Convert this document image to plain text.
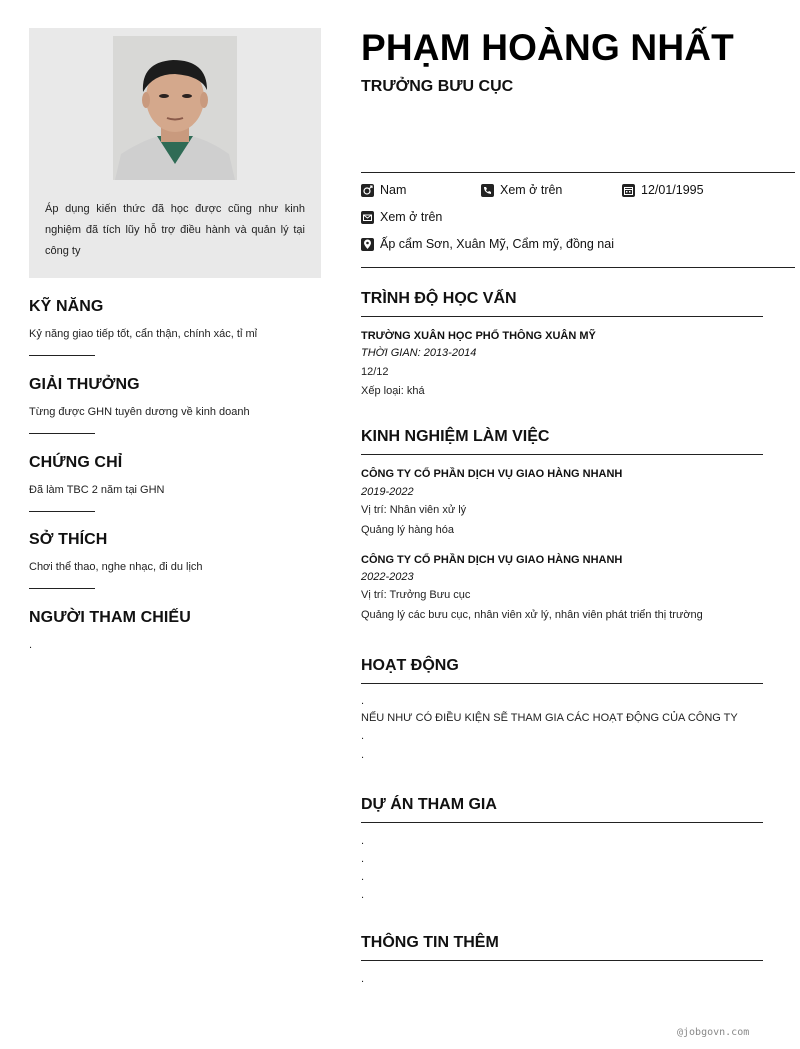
Áp dụng kiến thức đã học được cũng như kinh nghiệm đã tích lũy hỗ trợ điều hành và quản lý tại công ty
KỸ NĂNG
Kỷ năng giao tiếp tốt, cẩn thận, chính xác, tỉ mỉ
GIẢI THƯỞNG
Từng được GHN tuyên dương về kinh doanh
CHỨNG CHỈ
Đã làm TBC 2 năm tại GHN
SỞ THÍCH
Chơi thể thao, nghe nhạc, đi du lịch
NGƯỜI THAM CHIẾU
.
PHẠM HOÀNG NHẤT
TRƯỞNG BƯU CỤC
Nam	Xem ở trên	12/01/1995
Xem ở trên
Ấp cẩm Sơn, Xuân Mỹ, Cẩm mỹ, đồng nai
TRÌNH ĐỘ HỌC VẤN
TRƯỜNG XUÂN HỌC PHỔ THÔNG XUÂN MỸ
THỜI GIAN: 2013-2014
12/12
Xếp loại: khá
KINH NGHIỆM LÀM VIỆC
CÔNG TY CỔ PHẦN DỊCH VỤ GIAO HÀNG NHANH
2019-2022
Vị trí: Nhân viên xử lý
Quảng lý hàng hóa
CÔNG TY CỔ PHẦN DỊCH VỤ GIAO HÀNG NHANH
2022-2023
Vị trí: Trưởng Bưu cục
Quảng lý các bưu cục, nhân viên xử lý, nhân viên phát triển thị trường
HOẠT ĐỘNG
.
NẾU NHƯ CÓ ĐIỀU KIỆN SẼ THAM GIA CÁC HOẠT ĐỘNG CỦA CÔNG TY
.
.
DỰ ÁN THAM GIA
.
.
.
.
THÔNG TIN THÊM
.
@jobgovn.com
